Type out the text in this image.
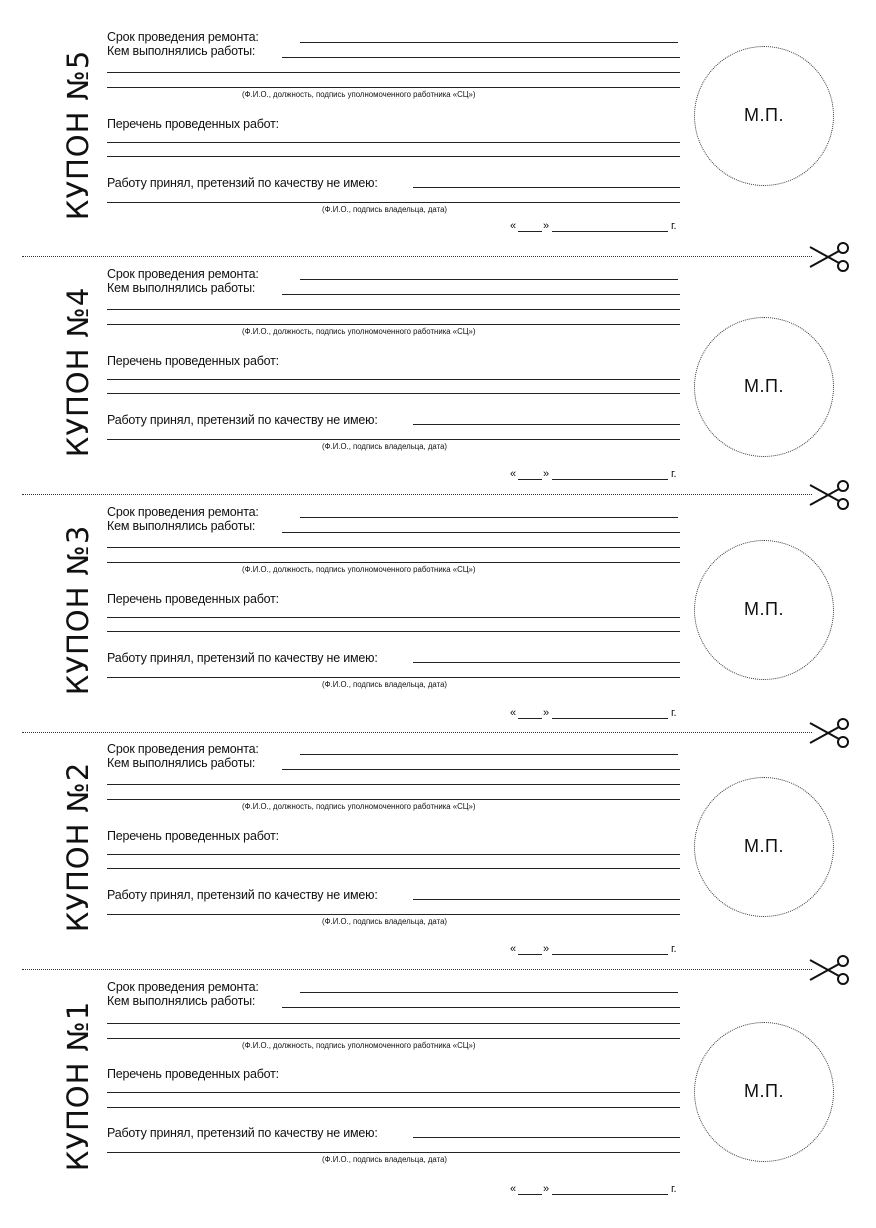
КУПОН №5
Срок проведения ремонта:
Кем выполнялись работы:
(Ф.И.О., должность, подпись уполномоченного работника «СЦ»)
Перечень проведенных работ:
Работу принял, претензий по качеству не имею:
(Ф.И.О., подпись владельца, дата)
М.П.
« »	г.
КУПОН №4
Срок проведения ремонта:
Кем выполнялись работы:
(Ф.И.О., должность, подпись уполномоченного работника «СЦ»)
Перечень проведенных работ:
Работу принял, претензий по качеству не имею:
(Ф.И.О., подпись владельца, дата)
М.П.
« »	г.
КУПОН №3
Срок проведения ремонта:
Кем выполнялись работы:
(Ф.И.О., должность, подпись уполномоченного работника «СЦ»)
Перечень проведенных работ:
Работу принял, претензий по качеству не имею:
(Ф.И.О., подпись владельца, дата)
М.П.
« »	г.
КУПОН №2
Срок проведения ремонта:
Кем выполнялись работы:
(Ф.И.О., должность, подпись уполномоченного работника «СЦ»)
Перечень проведенных работ:
Работу принял, претензий по качеству не имею:
(Ф.И.О., подпись владельца, дата)
М.П.
« »	г.
КУПОН №1
Срок проведения ремонта:
Кем выполнялись работы:
(Ф.И.О., должность, подпись уполномоченного работника «СЦ»)
Перечень проведенных работ:
Работу принял, претензий по качеству не имею:
(Ф.И.О., подпись владельца, дата)
М.П.
« »	г.
